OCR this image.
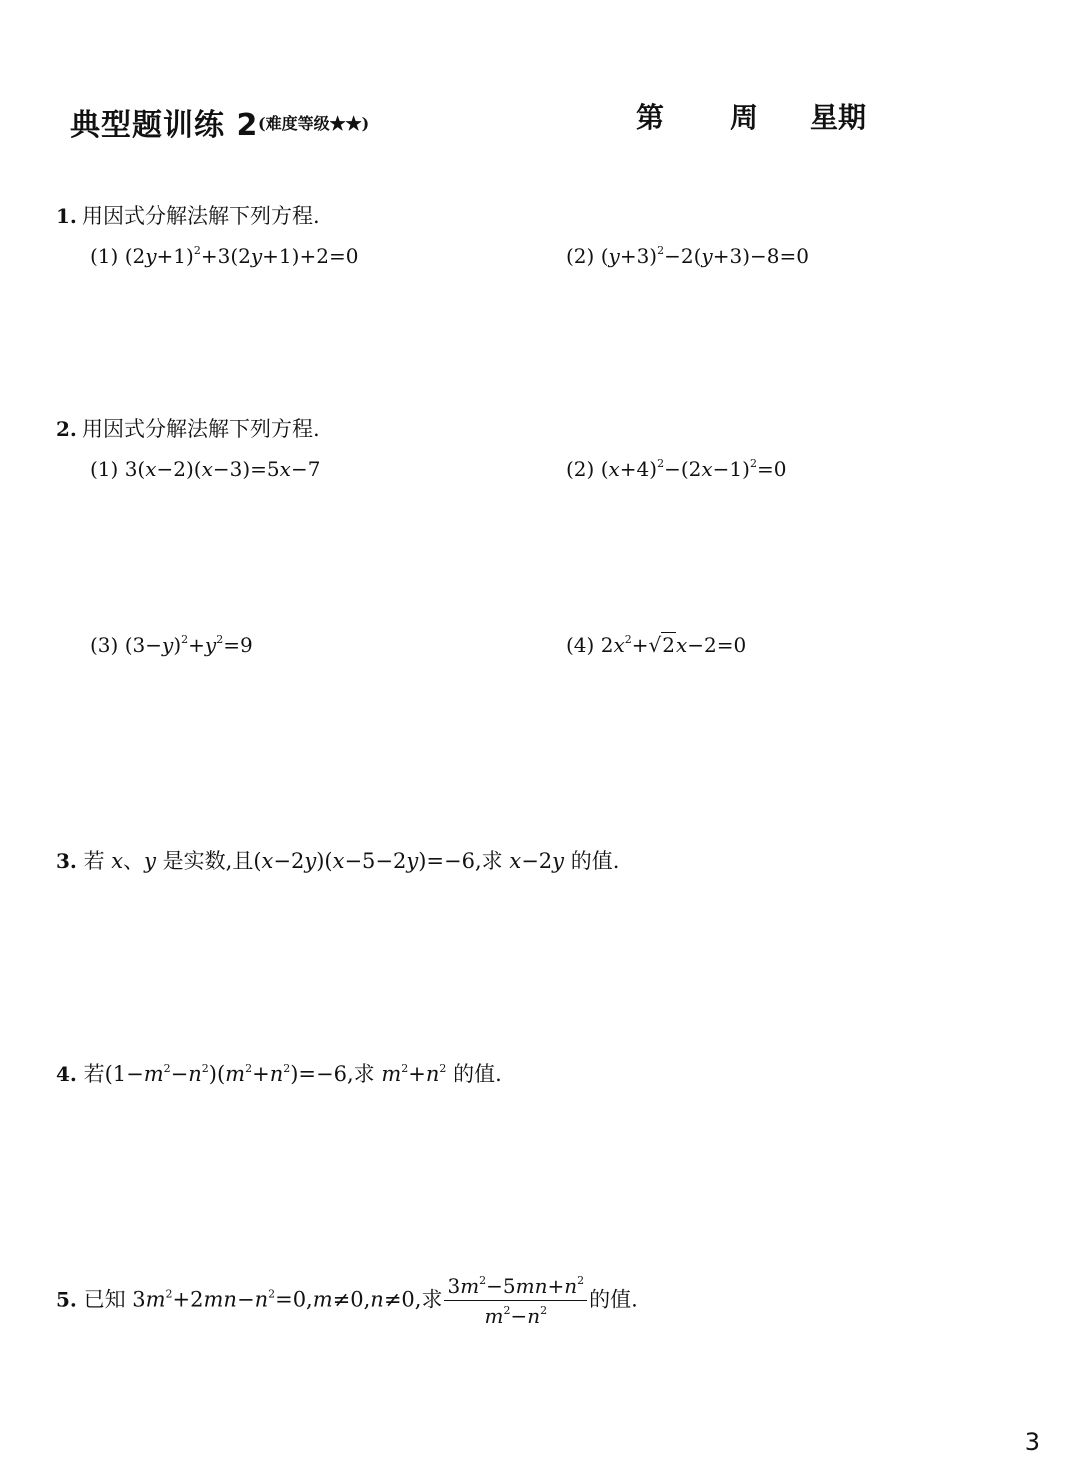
典型题训练 2 (难度等级★★)	第 周 星期
1. 用因式分解法解下列方程.
(1) $(2y+1)^2+3(2y+1)+2=0$	(2) $(y+3)^2-2(y+3)-8=0$
2. 用因式分解法解下列方程.
(1) 3(x−2)(x−3)=5x−7	(2) $(x+4)^2-(2x-1)^2=0$
(3) $(3-y)^2+y^2=9$	(4) $2x^2+√2x-2=0$
3. 若 x、y 是实数,且(x−2y)(x−5−2y)=−6,求 x−2y 的值.
4. 若$(1-m^2-n^2)(m^2+n^2)=-6$,求 $m^2+n^2$ 的值.
5. 已知 $3m^2+2mn-n^2=0,m\ne 0,n\ne 0$,求 $\frac{3m^2-5mn+n^2}{m^2-n^2}$ 的值.
3
